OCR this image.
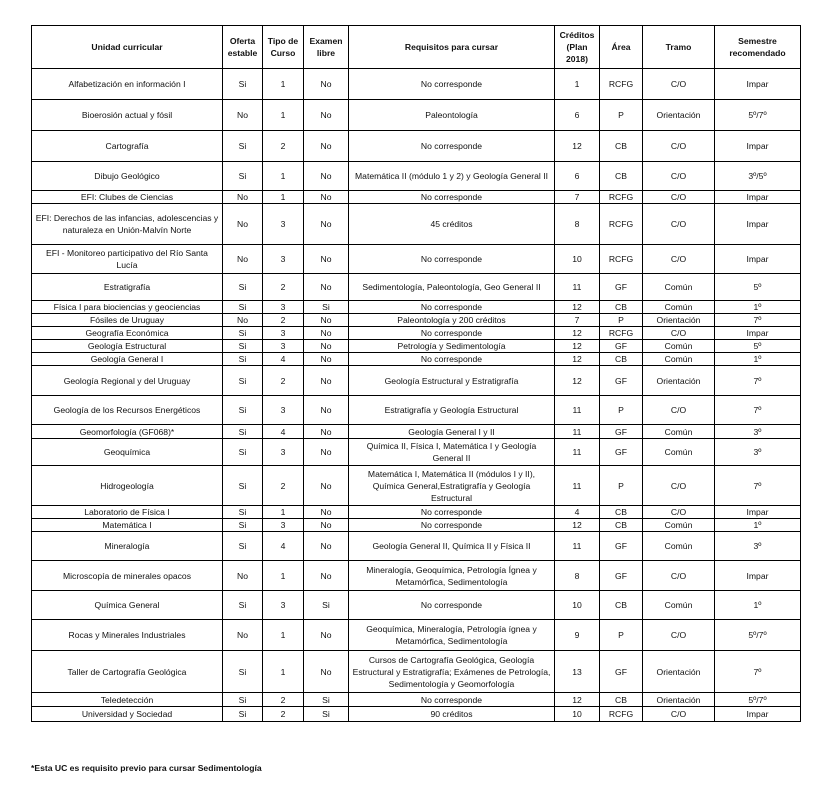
Unidad curricular	Oferta estable	Tipo de Curso	Examen libre	Requisitos para cursar	Créditos (Plan 2018)	Área	Tramo	Semestre recomendado
Alfabetización en información I	Si	1	No	No corresponde	1	RCFG	C/O	Impar
Bioerosión actual y fósil	No	1	No	Paleontología	6	P	Orientación	5º/7º
Cartografía	Si	2	No	No corresponde	12	CB	C/O	Impar
Dibujo Geológico	Si	1	No	Matemática II (módulo 1 y 2) y Geología General II	6	CB	C/O	3º/5º
EFI: Clubes de Ciencias	No	1	No	No corresponde	7	RCFG	C/O	Impar
EFI: Derechos de las infancias, adolescencias y naturaleza en Unión-Malvín Norte	No	3	No	45 créditos	8	RCFG	C/O	Impar
EFI - Monitoreo participativo del Río Santa Lucía	No	3	No	No corresponde	10	RCFG	C/O	Impar
Estratigrafía	Si	2	No	Sedimentología, Paleontología, Geo General II	11	GF	Común	5º
Física I para biociencias y geociencias	Si	3	Si	No corresponde	12	CB	Común	1º
Fósiles de Uruguay	No	2	No	Paleontología y 200 créditos	7	P	Orientación	7º
Geografía Económica	Si	3	No	No corresponde	12	RCFG	C/O	Impar
Geología Estructural	Si	3	No	Petrología y Sedimentología	12	GF	Común	5º
Geología General I	Si	4	No	No corresponde	12	CB	Común	1º
Geología Regional y del Uruguay	Si	2	No	Geología Estructural y Estratigrafía	12	GF	Orientación	7º
Geología de los Recursos Energéticos	Si	3	No	Estratigrafía y Geología Estructural	11	P	C/O	7º
Geomorfología (GF068)*	Si	4	No	Geología General I y II	11	GF	Común	3º
Geoquímica	Si	3	No	Química II, Física I, Matemática I y Geología General II	11	GF	Común	3º
Hidrogeología	Si	2	No	Matemática I, Matemática II (módulos I y II), Química General,Estratigrafía y Geología Estructural	11	P	C/O	7º
Laboratorio de Física I	Si	1	No	No corresponde	4	CB	C/O	Impar
Matemática I	Si	3	No	No corresponde	12	CB	Común	1º
Mineralogía	Si	4	No	Geología General II, Química II y Física II	11	GF	Común	3º
Microscopía de minerales opacos	No	1	No	Mineralogía, Geoquímica, Petrología Ígnea y Metamórfica, Sedimentología	8	GF	C/O	Impar
Química General	Si	3	Si	No corresponde	10	CB	Común	1º
Rocas y Minerales Industriales	No	1	No	Geoquímica, Mineralogía, Petrología ígnea y Metamórfica, Sedimentología	9	P	C/O	5º/7º
Taller de Cartografía Geológica	Si	1	No	Cursos de Cartografía Geológica, Geología Estructural y Estratigrafía; Exámenes de Petrología, Sedimentología y Geomorfología	13	GF	Orientación	7º
Teledetección	Si	2	Si	No corresponde	12	CB	Orientación	5º/7º
Universidad y Sociedad	Si	2	Si	90 créditos	10	RCFG	C/O	Impar
*Esta UC es requisito previo para cursar Sedimentología
